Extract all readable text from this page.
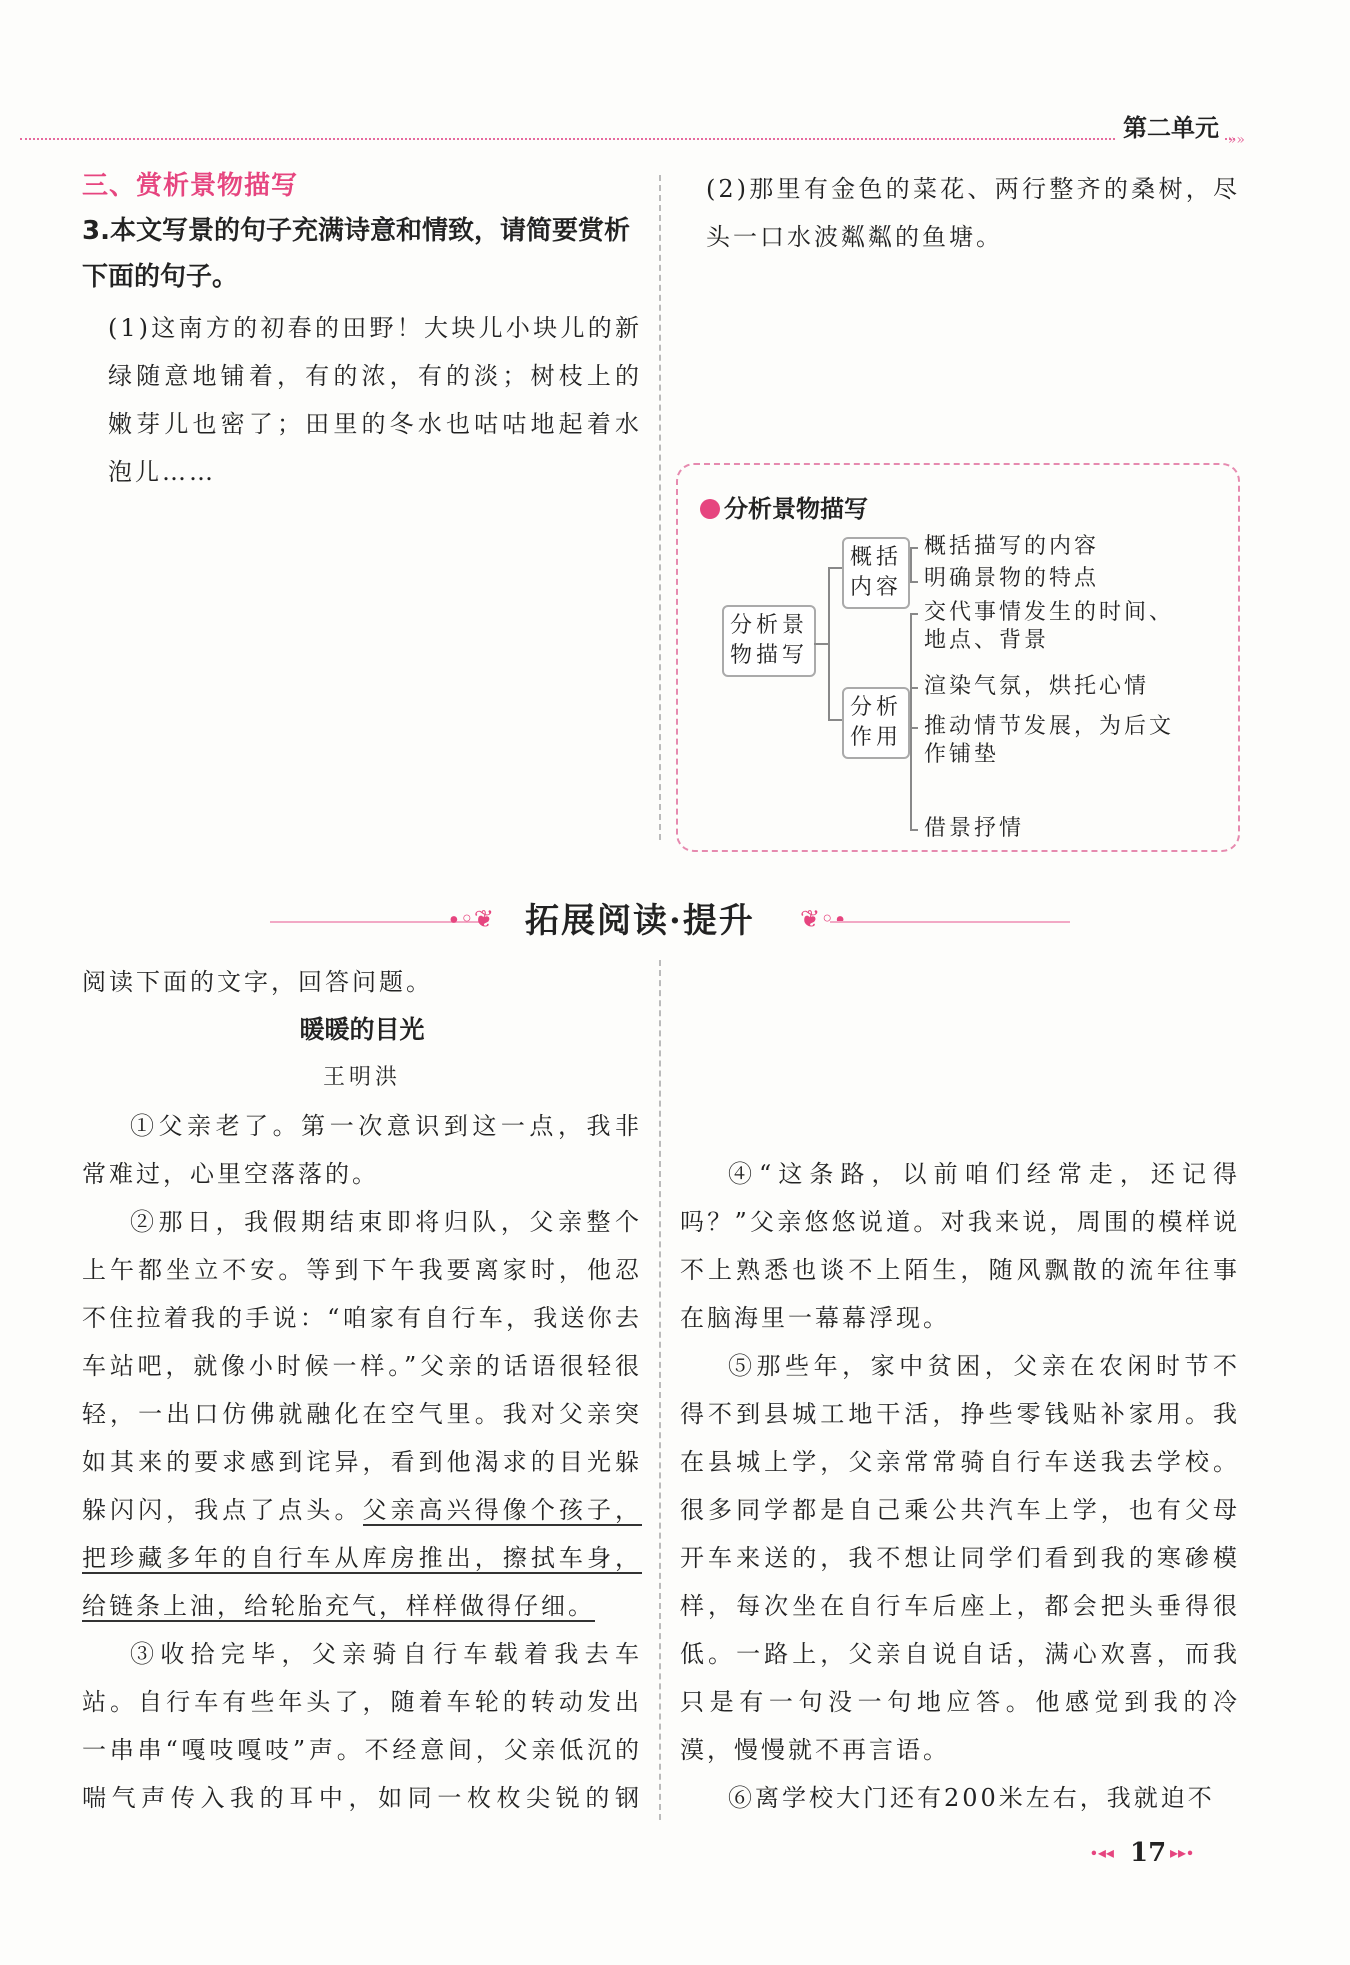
第二单元 »»
三、赏析景物描写
3.本文写景的句子充满诗意和情致，请简要赏析下面的句子。
(1)这南方的初春的田野！大块儿小块儿的新绿随意地铺着，有的浓，有的淡；树枝上的嫩芽儿也密了；田里的冬水也咕咕地起着水泡儿……
(2)那里有金色的菜花、两行整齐的桑树，尽头一口水波粼粼的鱼塘。
分析景物描写
分析景物描写
概括内容
概括描写的内容
明确景物的特点
分析作用
交代事情发生的时间、地点、背景
渲染气氛，烘托心情
推动情节发展，为后文作铺垫
借景抒情
∙◦❦ 拓展阅读·提升 ❦◦∙
阅读下面的文字，回答问题。
暖暖的目光
王明洪
①父亲老了。第一次意识到这一点，我非常难过，心里空落落的。
②那日，我假期结束即将归队，父亲整个上午都坐立不安。等到下午我要离家时，他忍不住拉着我的手说：“咱家有自行车，我送你去车站吧，就像小时候一样。”父亲的话语很轻很轻，一出口仿佛就融化在空气里。我对父亲突如其来的要求感到诧异，看到他渴求的目光躲躲闪闪，我点了点头。父亲高兴得像个孩子，把珍藏多年的自行车从库房推出，擦拭车身，给链条上油，给轮胎充气，样样做得仔细。
③收拾完毕，父亲骑自行车载着我去车站。自行车有些年头了，随着车轮的转动发出一串串“嘎吱嘎吱”声。不经意间，父亲低沉的喘气声传入我的耳中，如同一枚枚尖锐的钢
④“这条路，以前咱们经常走，还记得吗？”父亲悠悠说道。对我来说，周围的模样说不上熟悉也谈不上陌生，随风飘散的流年往事在脑海里一幕幕浮现。
⑤那些年，家中贫困，父亲在农闲时节不得不到县城工地干活，挣些零钱贴补家用。我在县城上学，父亲常常骑自行车送我去学校。很多同学都是自己乘公共汽车上学，也有父母开车来送的，我不想让同学们看到我的寒碜模样，每次坐在自行车后座上，都会把头垂得很低。一路上，父亲自说自话，满心欢喜，而我只是有一句没一句地应答。他感觉到我的冷漠，慢慢就不再言语。
⑥离学校大门还有200米左右，我就迫不
∙◂◂ 17 ▸▸∙
